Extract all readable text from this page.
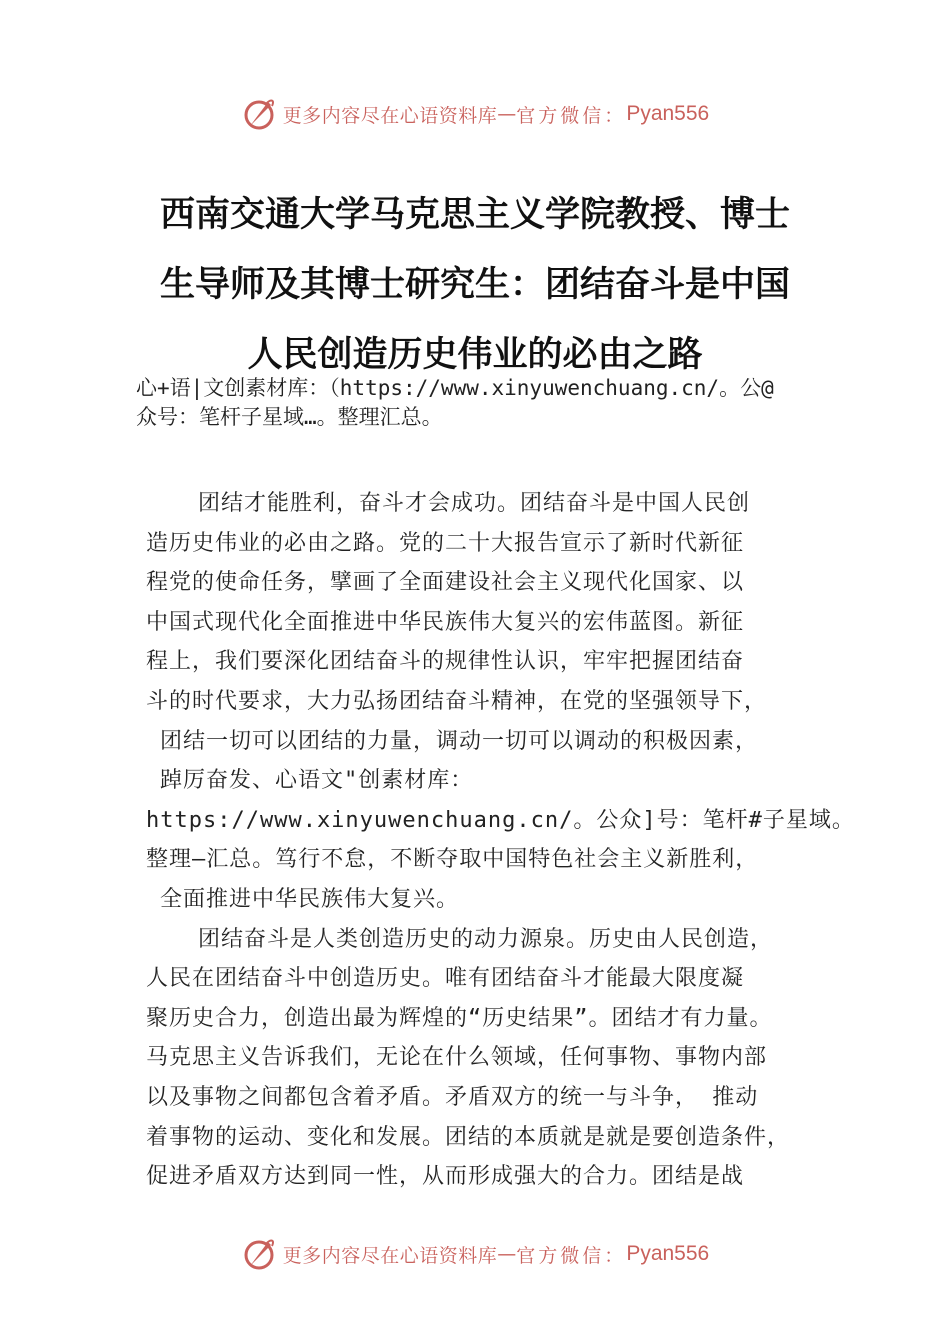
更多内容尽在心语资料库 — 官方微信： Pyan556
西南交通大学马克思主义学院教授、博士
生导师及其博士研究生：团结奋斗是中国
人民创造历史伟业的必由之路
心+语|文创素材库：（https://www.xinyuwenchuang.cn/。公@
众号：笔杆子星域…。整理汇总。
团结才能胜利，奋斗才会成功。团结奋斗是中国人民创
造历史伟业的必由之路。党的二十大报告宣示了新时代新征
程党的使命任务，擘画了全面建设社会主义现代化国家、以
中国式现代化全面推进中华民族伟大复兴的宏伟蓝图。新征
程上，我们要深化团结奋斗的规律性认识，牢牢把握团结奋
斗的时代要求，大力弘扬团结奋斗精神，在党的坚强领导下，
团结一切可以团结的力量，调动一切可以调动的积极因素，
踔厉奋发、心语文"创素材库：
https://www.xinyuwenchuang.cn/。公众]号：笔杆#子星域。
整理—汇总。笃行不怠，不断夺取中国特色社会主义新胜利，
全面推进中华民族伟大复兴。
团结奋斗是人类创造历史的动力源泉。历史由人民创造，
人民在团结奋斗中创造历史。唯有团结奋斗才能最大限度凝
聚历史合力，创造出最为辉煌的“历史结果”。团结才有力量。
马克思主义告诉我们，无论在什么领域，任何事物、事物内部
以及事物之间都包含着矛盾。矛盾双方的统一与斗争， 推动
着事物的运动、变化和发展。团结的本质就是就是要创造条件，
促进矛盾双方达到同一性，从而形成强大的合力。团结是战
更多内容尽在心语资料库 — 官方微信： Pyan556
